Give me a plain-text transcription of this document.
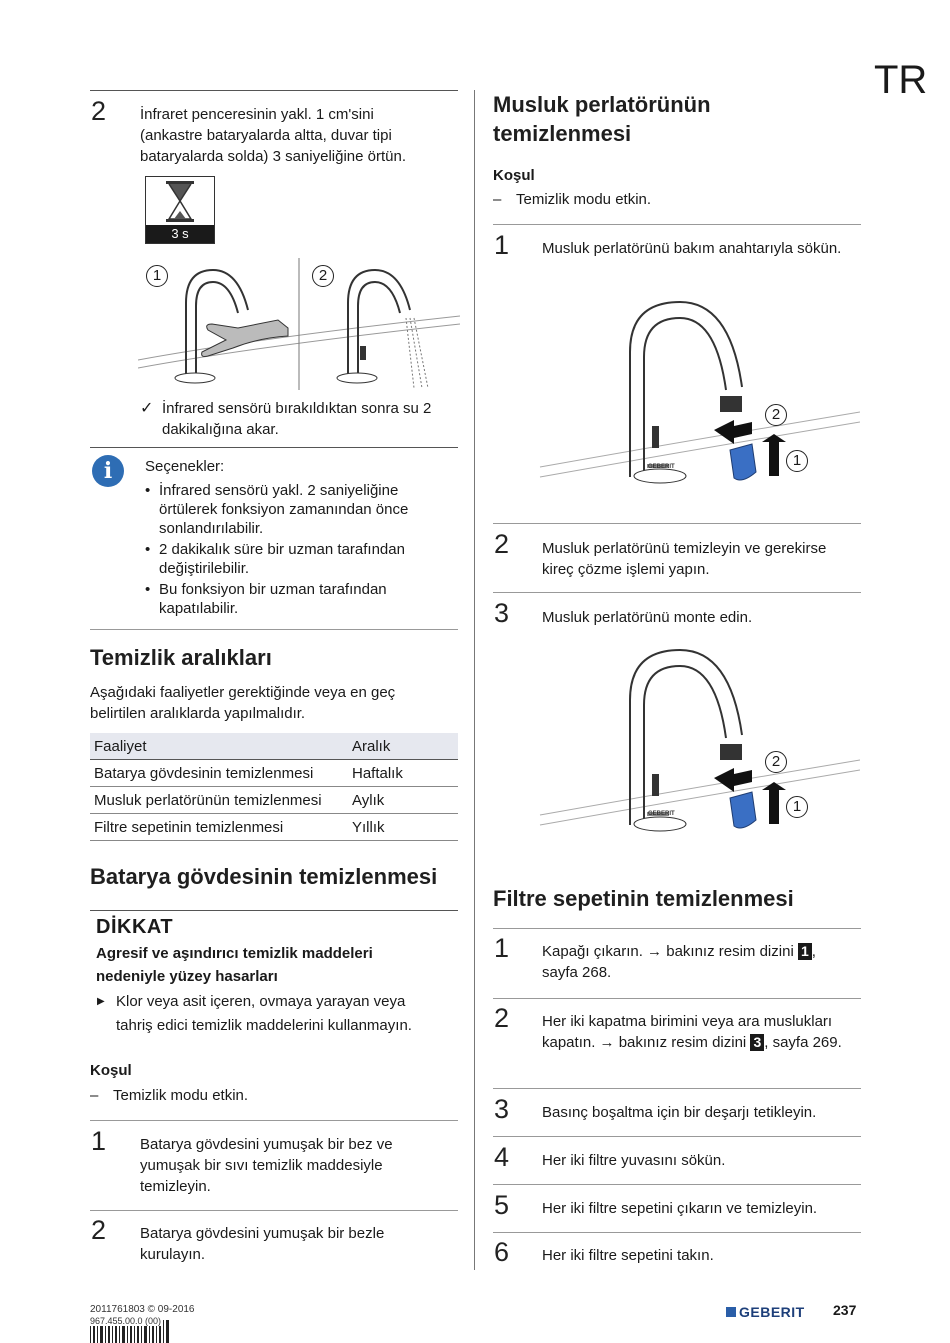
TR
2 İnfraret penceresinin yakl. 1 cm'sini (ankastre bataryalarda altta, duvar tipi bataryalarda solda) 3 saniyeliğine örtün.
3 s
1	2
✓ İnfrared sensörü bırakıldıktan sonra su 2 dakikalığına akar.
i	Seçenekler:
• İnfrared sensörü yakl. 2 saniyeliğine örtülerek fonksiyon zamanından önce sonlandırılabilir.
• 2 dakikalık süre bir uzman tarafından değiştirilebilir.
• Bu fonksiyon bir uzman tarafından kapatılabilir.
Temizlik aralıkları
Aşağıdaki faaliyetler gerektiğinde veya en geç belirtilen aralıklarda yapılmalıdır.
Faaliyet	Aralık
Batarya gövdesinin temizlenmesi	Haftalık
Musluk perlatörünün temizlenmesi	Aylık
Filtre sepetinin temizlenmesi	Yıllık
Batarya gövdesinin temizlenmesi
DİKKAT
Agresif ve aşındırıcı temizlik maddeleri nedeniyle yüzey hasarları
▶ Klor veya asit içeren, ovmaya yarayan veya tahriş edici temizlik maddelerini kullanmayın.
Koşul
– Temizlik modu etkin.
1 Batarya gövdesini yumuşak bir bez ve yumuşak bir sıvı temizlik maddesiyle temizleyin.
2 Batarya gövdesini yumuşak bir bezle kurulayın.
Musluk perlatörünün temizlenmesi
Koşul
– Temizlik modu etkin.
1 Musluk perlatörünü bakım anahtarıyla sökün.
2
1
GEBERIT
2 Musluk perlatörünü temizleyin ve gerekirse kireç çözme işlemi yapın.
3 Musluk perlatörünü monte edin.
2
1
GEBERIT
Filtre sepetinin temizlenmesi
1 Kapağı çıkarın. → bakınız resim dizini 1 , sayfa 268.
2 Her iki kapatma birimini veya ara muslukları kapatın. → bakınız resim dizini 3 , sayfa 269.
3 Basınç boşaltma için bir deşarjı tetikleyin.
4 Her iki filtre yuvasını sökün.
5 Her iki filtre sepetini çıkarın ve temizleyin.
6 Her iki filtre sepetini takın.
2011761803 © 09-2016
967.455.00.0 (00)
GEBERIT 237
